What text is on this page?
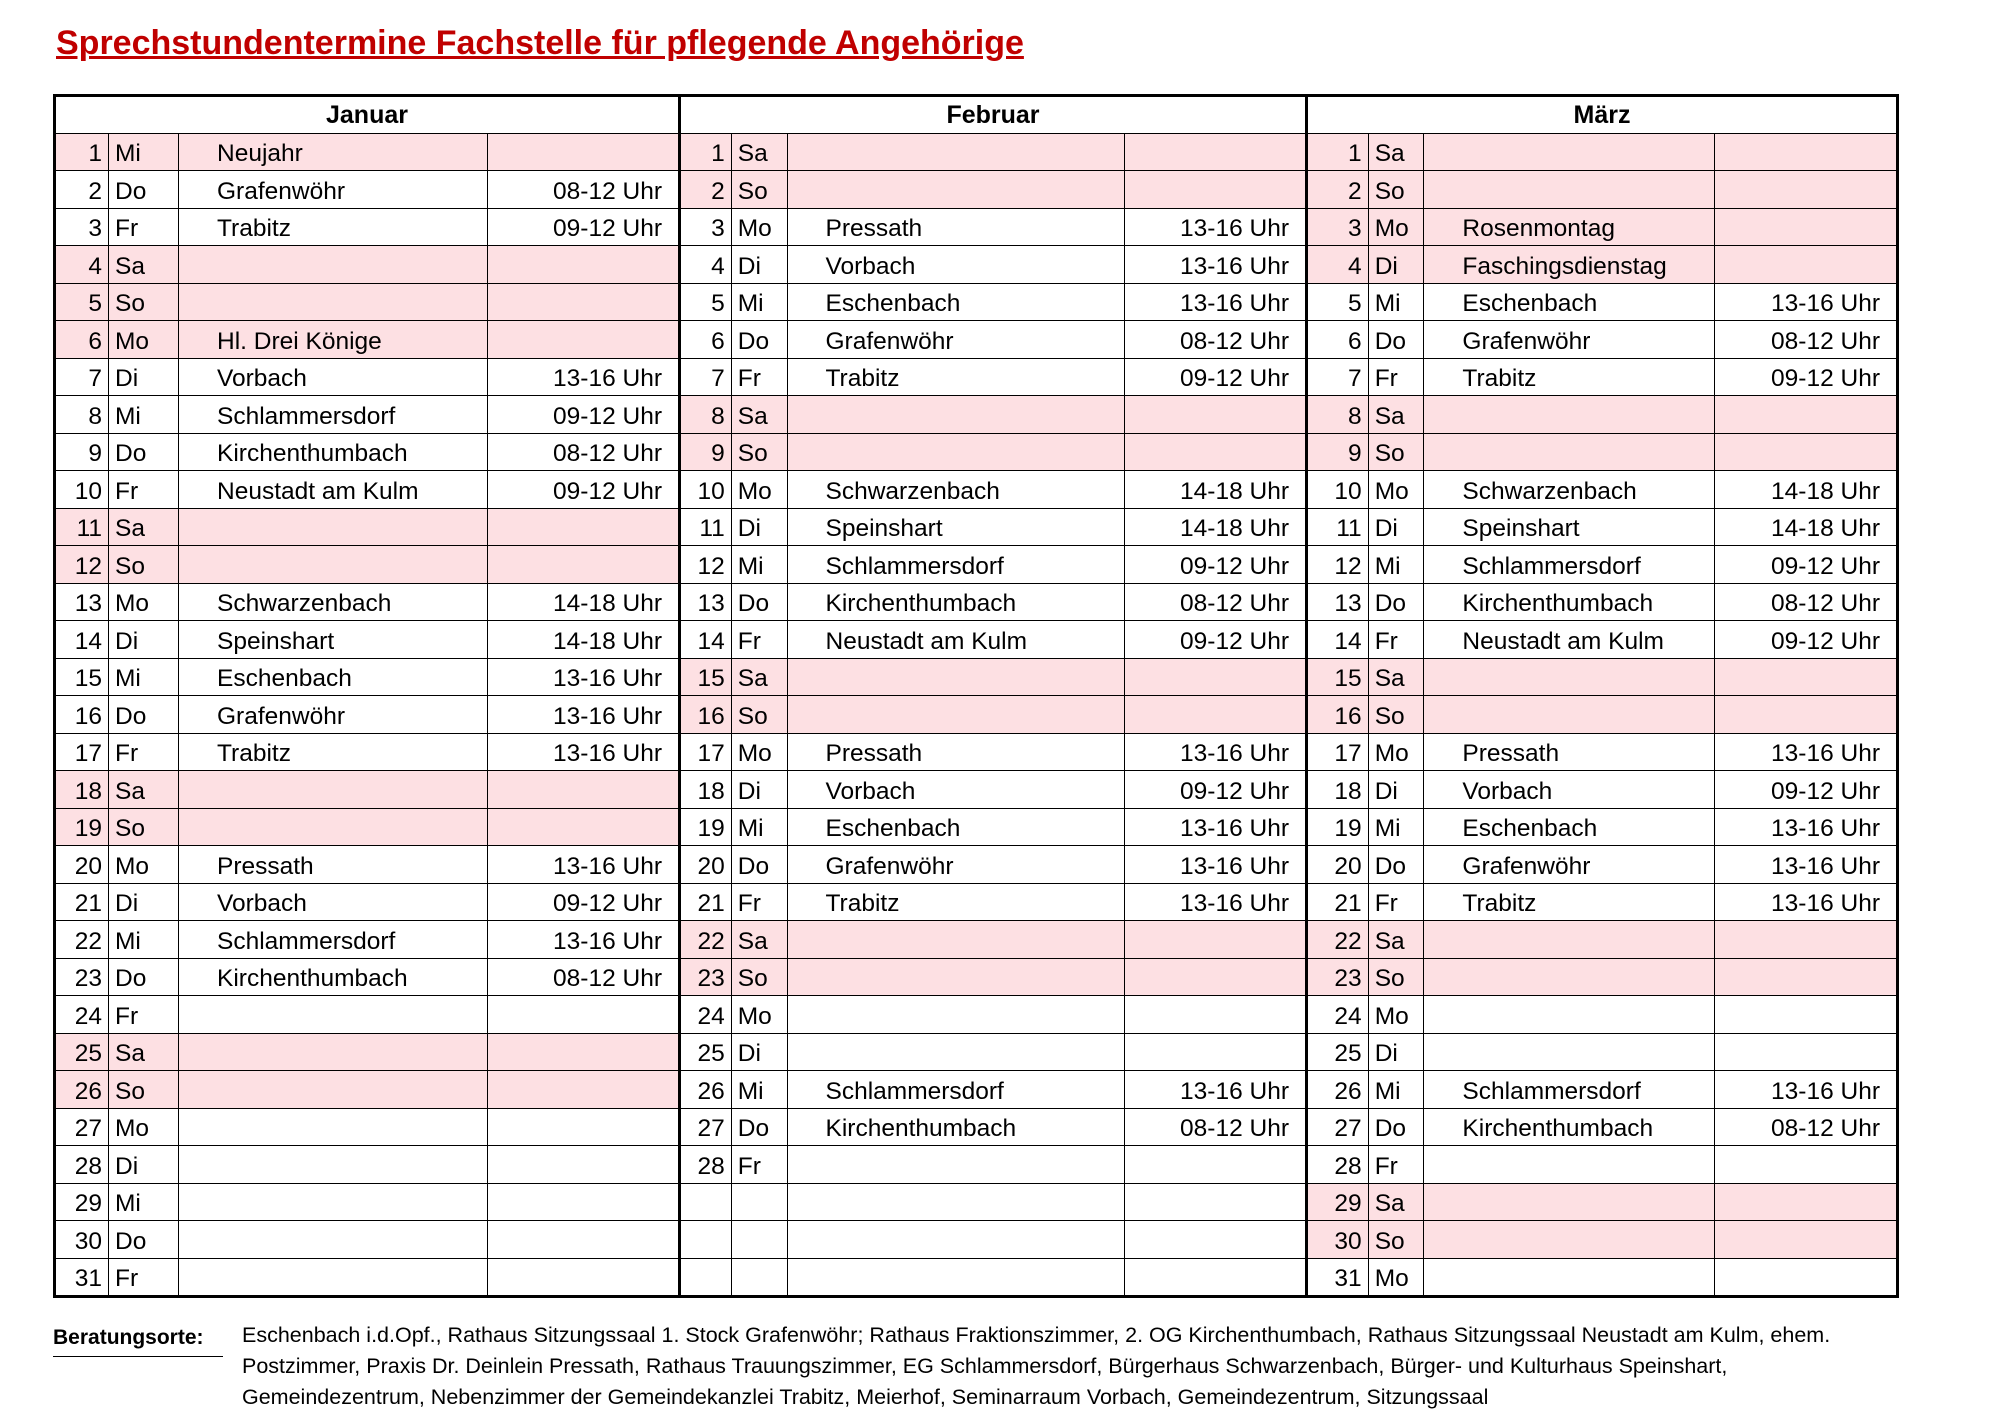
Sprechstundentermine Fachstelle für pflegende Angehörige
Januar
1 Mi	Neujahr
2 Do	Grafenwöhr	08-12 Uhr
3 Fr	Trabitz	09-12 Uhr
4 Sa
5 So
6 Mo	Hl. Drei Könige
7 Di	Vorbach	13-16 Uhr
8 Mi	Schlammersdorf	09-12 Uhr
9 Do	Kirchenthumbach	08-12 Uhr
10 Fr	Neustadt am Kulm	09-12 Uhr
11 Sa
12 So
13 Mo	Schwarzenbach	14-18 Uhr
14 Di	Speinshart	14-18 Uhr
15 Mi	Eschenbach	13-16 Uhr
16 Do	Grafenwöhr	13-16 Uhr
17 Fr	Trabitz	13-16 Uhr
18 Sa
19 So
20 Mo	Pressath	13-16 Uhr
21 Di	Vorbach	09-12 Uhr
22 Mi	Schlammersdorf	13-16 Uhr
23 Do	Kirchenthumbach	08-12 Uhr
24 Fr
25 Sa
26 So
27 Mo
28 Di
29 Mi
30 Do
31 Fr
Februar
1 Sa
2 So
3 Mo	Pressath	13-16 Uhr
4 Di	Vorbach	13-16 Uhr
5 Mi	Eschenbach	13-16 Uhr
6 Do	Grafenwöhr	08-12 Uhr
7 Fr	Trabitz	09-12 Uhr
8 Sa
9 So
10 Mo	Schwarzenbach	14-18 Uhr
11 Di	Speinshart	14-18 Uhr
12 Mi	Schlammersdorf	09-12 Uhr
13 Do	Kirchenthumbach	08-12 Uhr
14 Fr	Neustadt am Kulm	09-12 Uhr
15 Sa
16 So
17 Mo	Pressath	13-16 Uhr
18 Di	Vorbach	09-12 Uhr
19 Mi	Eschenbach	13-16 Uhr
20 Do	Grafenwöhr	13-16 Uhr
21 Fr	Trabitz	13-16 Uhr
22 Sa
23 So
24 Mo
25 Di
26 Mi	Schlammersdorf	13-16 Uhr
27 Do	Kirchenthumbach	08-12 Uhr
28 Fr
März
1 Sa
2 So
3 Mo	Rosenmontag
4 Di	Faschingsdienstag
5 Mi	Eschenbach	13-16 Uhr
6 Do	Grafenwöhr	08-12 Uhr
7 Fr	Trabitz	09-12 Uhr
8 Sa
9 So
10 Mo	Schwarzenbach	14-18 Uhr
11 Di	Speinshart	14-18 Uhr
12 Mi	Schlammersdorf	09-12 Uhr
13 Do	Kirchenthumbach	08-12 Uhr
14 Fr	Neustadt am Kulm	09-12 Uhr
15 Sa
16 So
17 Mo	Pressath	13-16 Uhr
18 Di	Vorbach	09-12 Uhr
19 Mi	Eschenbach	13-16 Uhr
20 Do	Grafenwöhr	13-16 Uhr
21 Fr	Trabitz	13-16 Uhr
22 Sa
23 So
24 Mo
25 Di
26 Mi	Schlammersdorf	13-16 Uhr
27 Do	Kirchenthumbach	08-12 Uhr
28 Fr
29 Sa
30 So
31 Mo
Beratungsorte:	Eschenbach i.d.Opf., Rathaus Sitzungssaal 1. Stock Grafenwöhr; Rathaus Fraktionszimmer, 2. OG Kirchenthumbach, Rathaus Sitzungssaal Neustadt am Kulm, ehem. Postzimmer, Praxis Dr. Deinlein Pressath, Rathaus Trauungszimmer, EG Schlammersdorf, Bürgerhaus Schwarzenbach, Bürger- und Kulturhaus Speinshart, Gemeindezentrum, Nebenzimmer der Gemeindekanzlei Trabitz, Meierhof, Seminarraum Vorbach, Gemeindezentrum, Sitzungssaal
